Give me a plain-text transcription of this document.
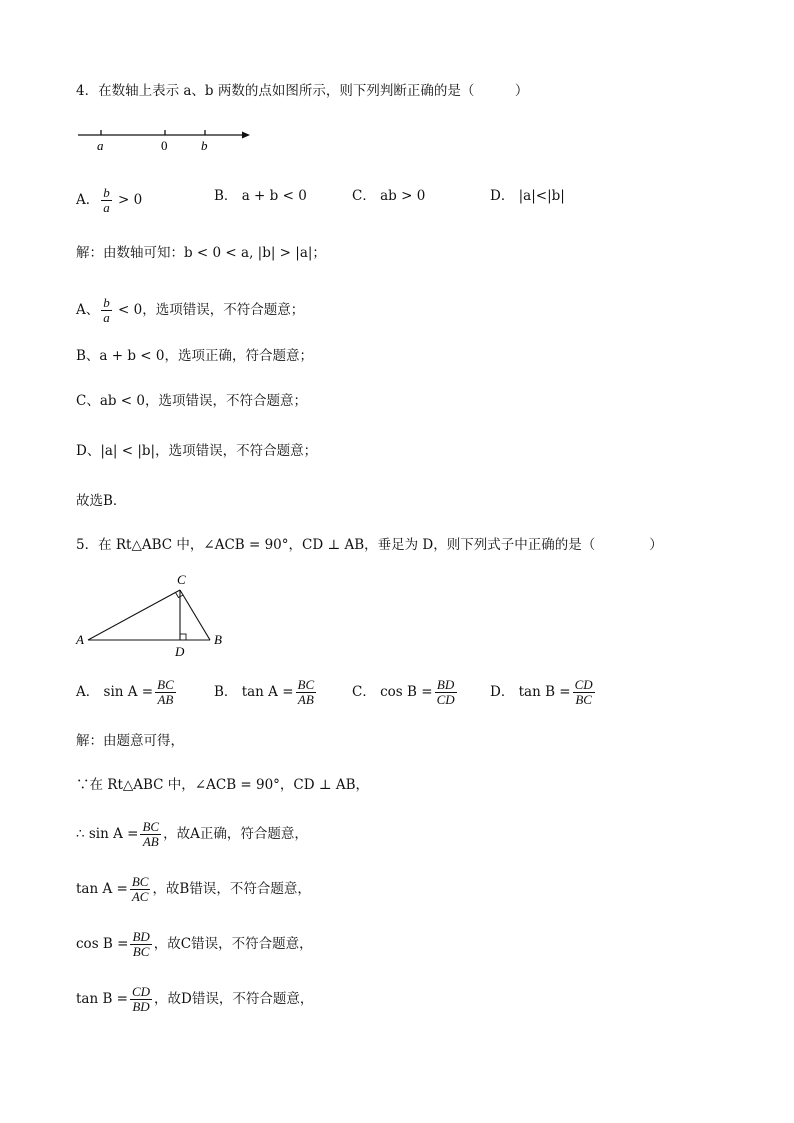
4．在数轴上表示 a、b 两数的点如图所示，则下列判断正确的是（　　　）
a	0	b
A． $\frac{b}{a} > 0$	B． a + b < 0	C． ab > 0	D． |a|<|b|
解：由数轴可知：b < 0 < a, |b| > |a|；
A、 $\frac{b}{a} < 0$，选项错误，不符合题意；
B、a + b < 0，选项正确，符合题意；
C、ab < 0，选项错误，不符合题意；
D、|a| < |b|，选项错误，不符合题意；
故选B．
5．在 Rt△ABC 中，∠ACB = 90°，CD ⊥ AB，垂足为 D，则下列式子中正确的是（　　　　）
C
A
D
B
A． $\sin A = \frac{BC}{AB}$	B． $\tan A = \frac{BC}{AB}$	C． $\cos B = \frac{BD}{CD}$ D． $\tan B = \frac{CD}{BC}$
解：由题意可得，
∵在 Rt△ABC 中，∠ACB = 90°，CD ⊥ AB，
∴ $\sin A = \frac{BC}{AB}$ ，故A正确，符合题意，
$\tan A = \frac{BC}{AC}$ ，故B错误，不符合题意，
$\cos B = \frac{BD}{BC}$ ，故C错误，不符合题意，
$\tan B = \frac{CD}{BD}$ ，故D错误，不符合题意，
